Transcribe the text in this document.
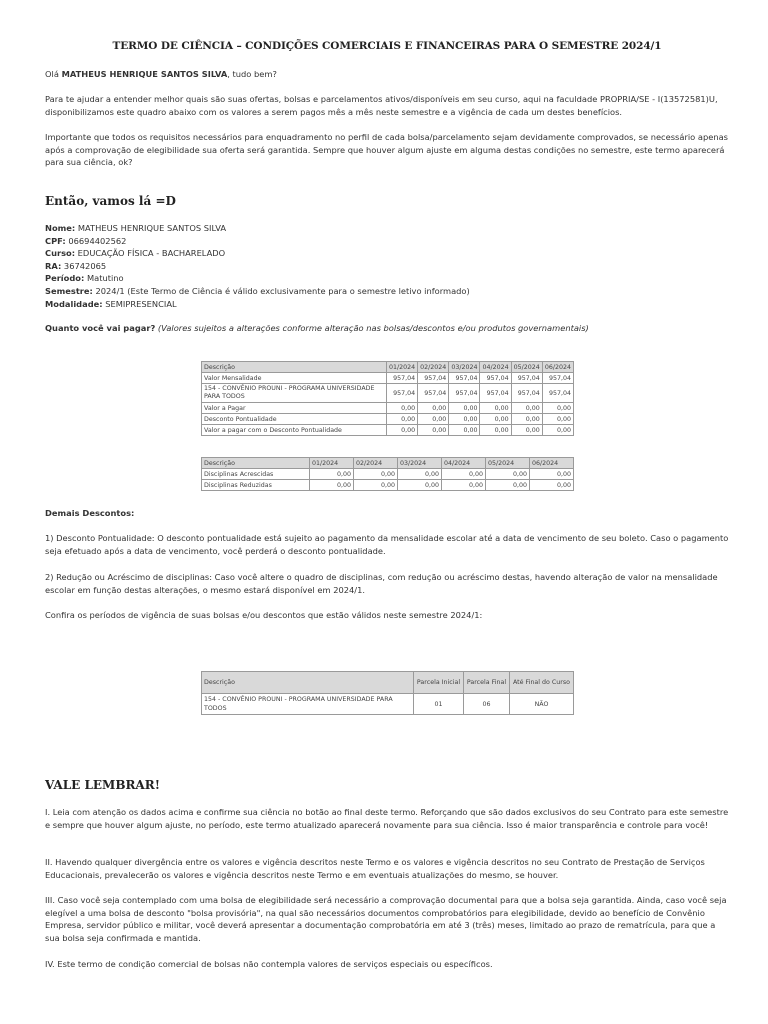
TERMO DE CIÊNCIA – CONDIÇÕES COMERCIAIS E FINANCEIRAS PARA O SEMESTRE 2024/1
Olá MATHEUS HENRIQUE SANTOS SILVA, tudo bem?
Para te ajudar a entender melhor quais são suas ofertas, bolsas e parcelamentos ativos/disponíveis em seu curso, aqui na faculdade PROPRIA/SE - I(13572581)U, disponibilizamos este quadro abaixo com os valores a serem pagos mês a mês neste semestre e a vigência de cada um destes benefícios.
Importante que todos os requisitos necessários para enquadramento no perfil de cada bolsa/parcelamento sejam devidamente comprovados, se necessário apenas após a comprovação de elegibilidade sua oferta será garantida. Sempre que houver algum ajuste em alguma destas condições no semestre, este termo aparecerá para sua ciência, ok?
Então, vamos lá =D
Nome: MATHEUS HENRIQUE SANTOS SILVA
CPF: 06694402562
Curso: EDUCAÇÃO FÍSICA - BACHARELADO
RA: 36742065
Período: Matutino
Semestre: 2024/1 (Este Termo de Ciência é válido exclusivamente para o semestre letivo informado)
Modalidade: SEMIPRESENCIAL
Quanto você vai pagar? (Valores sujeitos a alterações conforme alteração nas bolsas/descontos e/ou produtos governamentais)
Descrição	01/2024	02/2024	03/2024	04/2024	05/2024	06/2024
Valor Mensalidade	957,04	957,04	957,04	957,04	957,04	957,04
154 - CONVÊNIO PROUNI - PROGRAMA UNIVERSIDADE PARA TODOS	957,04	957,04	957,04	957,04	957,04	957,04
Valor a Pagar	0,00	0,00	0,00	0,00	0,00	0,00
Desconto Pontualidade	0,00	0,00	0,00	0,00	0,00	0,00
Valor a pagar com o Desconto Pontualidade	0,00	0,00	0,00	0,00	0,00	0,00
Descrição	01/2024	02/2024	03/2024	04/2024	05/2024	06/2024
Disciplinas Acrescidas	0,00	0,00	0,00	0,00	0,00	0,00
Disciplinas Reduzidas	0,00	0,00	0,00	0,00	0,00	0,00
Demais Descontos:
1) Desconto Pontualidade: O desconto pontualidade está sujeito ao pagamento da mensalidade escolar até a data de vencimento de seu boleto. Caso o pagamento seja efetuado após a data de vencimento, você perderá o desconto pontualidade.
2) Redução ou Acréscimo de disciplinas: Caso você altere o quadro de disciplinas, com redução ou acréscimo destas, havendo alteração de valor na mensalidade escolar em função destas alterações, o mesmo estará disponível em 2024/1.
Confira os períodos de vigência de suas bolsas e/ou descontos que estão válidos neste semestre 2024/1:
Descrição	Parcela Inicial	Parcela Final	Até Final do Curso
154 - CONVÊNIO PROUNI - PROGRAMA UNIVERSIDADE PARA TODOS	01	06	NÃO
VALE LEMBRAR!
I. Leia com atenção os dados acima e confirme sua ciência no botão ao final deste termo. Reforçando que são dados exclusivos do seu Contrato para este semestre e sempre que houver algum ajuste, no período, este termo atualizado aparecerá novamente para sua ciência. Isso é maior transparência e controle para você!
II. Havendo qualquer divergência entre os valores e vigência descritos neste Termo e os valores e vigência descritos no seu Contrato de Prestação de Serviços Educacionais, prevalecerão os valores e vigência descritos neste Termo e em eventuais atualizações do mesmo, se houver.
III. Caso você seja contemplado com uma bolsa de elegibilidade será necessário a comprovação documental para que a bolsa seja garantida. Ainda, caso você seja elegível a uma bolsa de desconto "bolsa provisória", na qual são necessários documentos comprobatórios para elegibilidade, devido ao benefício de Convênio Empresa, servidor público e militar, você deverá apresentar a documentação comprobatória em até 3 (três) meses, limitado ao prazo de rematrícula, para que a sua bolsa seja confirmada e mantida.
IV. Este termo de condição comercial de bolsas não contempla valores de serviços especiais ou específicos.
